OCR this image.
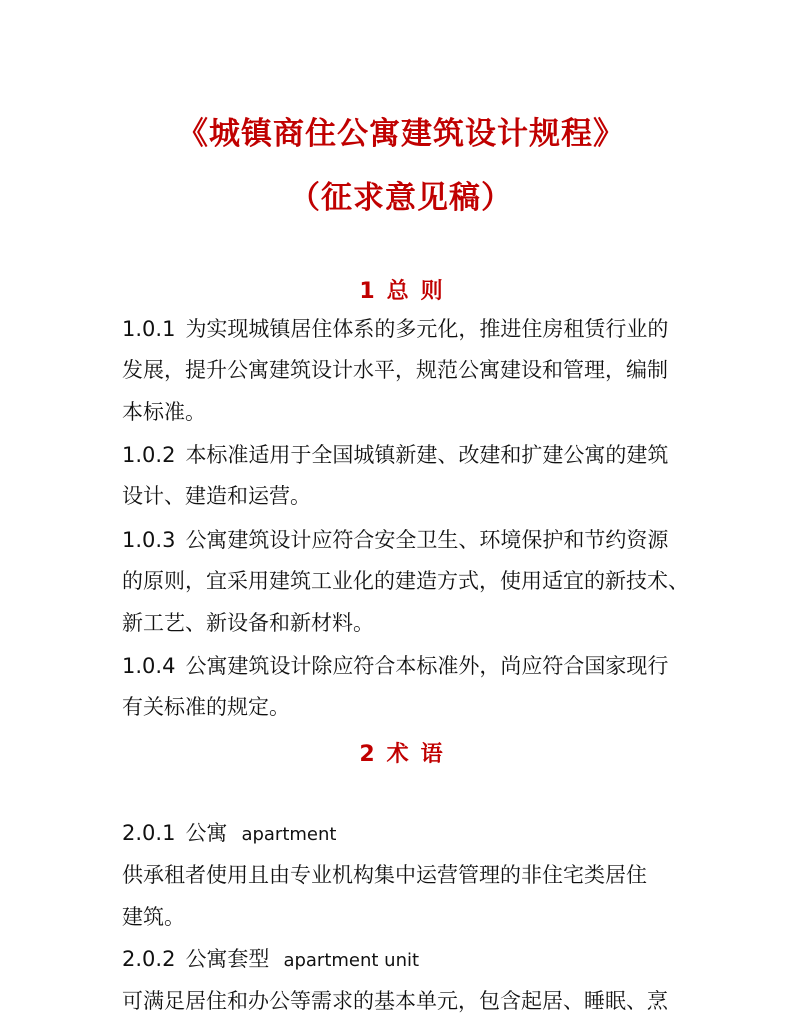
《城镇商住公寓建筑设计规程》
（征求意见稿）
1 总 则
1.0.1 为实现城镇居住体系的多元化，推进住房租赁行业的
发展，提升公寓建筑设计水平，规范公寓建设和管理，编制
本标准。
1.0.2 本标准适用于全国城镇新建、改建和扩建公寓的建筑
设计、建造和运营。
1.0.3 公寓建筑设计应符合安全卫生、环境保护和节约资源
的原则，宜采用建筑工业化的建造方式，使用适宜的新技术、
新工艺、新设备和新材料。
1.0.4 公寓建筑设计除应符合本标准外，尚应符合国家现行
有关标准的规定。
2 术 语
2.0.1 公寓 apartment
供承租者使用且由专业机构集中运营管理的非住宅类居住
建筑。
2.0.2 公寓套型 apartment unit
可满足居住和办公等需求的基本单元，包含起居、睡眠、烹
